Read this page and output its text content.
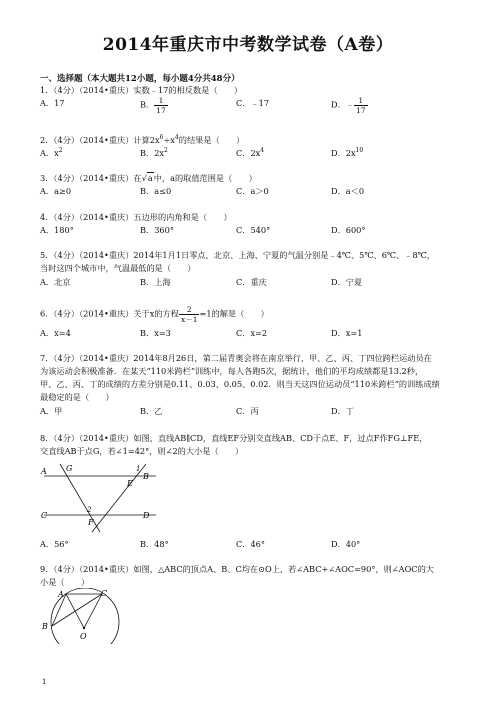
2014年重庆市中考数学试卷（A卷）
一、选择题（本大题共12小题，每小题4分共48分）
1．（4分）（2014•重庆）实数﹣17的相反数是（　　）
A．17	B． $\frac{1}{17}$	C．﹣17	D．﹣ $\frac{1}{17}$
2．（4分）（2014•重庆）计算$2x^6\div x^4$的结果是（　　）
A．$x^2$	B．$2x^2$	C．$2x^4$	D．$2x^{10}$
3．（4分）（2014•重庆）在√a中，a的取值范围是（　　）
A．a≥0	B．a≤0	C．a＞0	D．a＜0
4．（4分）（2014•重庆）五边形的内角和是（　　）
A．180°	B．360°	C．540°	D．600°
5．（4分）（2014•重庆）2014年1月1日零点，北京、上海、宁夏的气温分别是﹣4℃、5℃、6℃、﹣8℃，
当时这四个城市中，气温最低的是（　　）
A．北京	B．上海	C．重庆	D．宁夏
6．（4分）（2014•重庆）关于x的方程 $\frac{2}{x-1} =1$的解是（　　）
A．x=4	B．x=3	C．x=2	D．x=1
7．（4分）（2014•重庆）2014年8月26日，第二届青奥会将在南京举行，甲、乙、丙、丁四位跨栏运动员在
为该运动会积极准备．在某天“110米跨栏”训练中，每人各跑5次，据统计，他们的平均成绩都是13.2秒，
甲、乙、丙、丁的成绩的方差分别是0.11、0.03、0.05、0.02．则当天这四位运动员“110米跨栏”的训练成绩
最稳定的是（　　）
A．甲	B．乙	C．丙	D．丁
8．（4分）（2014•重庆）如图，直线AB∥CD，直线EF分别交直线AB、CD于点E、F，过点F作FG⊥FE，
交直线AB于点G，若∠1=42°，则∠2的大小是（　　）
G
A
B
1
E
C	D
2
F
A．56°	B．48°	C．46°	D．40°
9．（4分）（2014•重庆）如图，△ABC的顶点A、B、C均在⊙O上，若∠ABC+∠AOC=90°，则∠AOC的大
小是（　　）
A	C
B
O
1
